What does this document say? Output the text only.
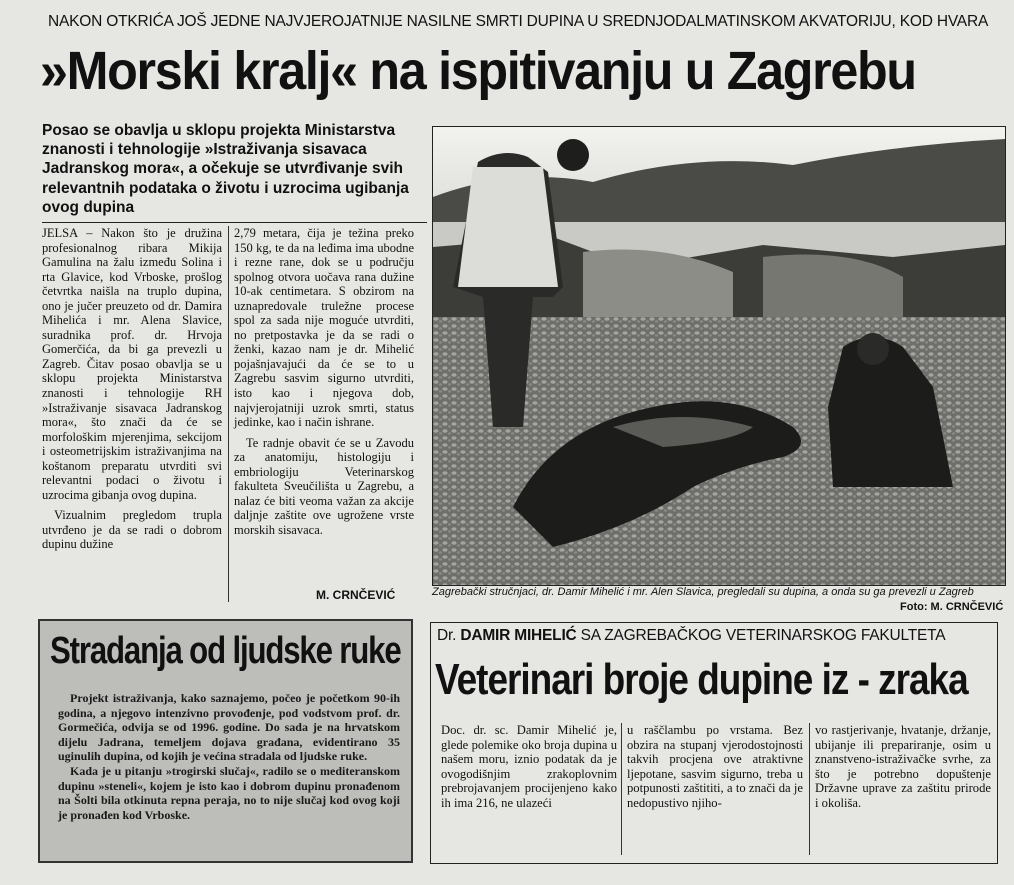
NAKON OTKRIĆA JOŠ JEDNE NAJVJEROJATNIJE NASILNE SMRTI DUPINA U SREDNJODALMATINSKOM AKVATORIJU, KOD HVARA
»Morski kralj« na ispitivanju u Zagrebu
Posao se obavlja u sklopu projekta Ministarstva znanosti i tehnologije »Istraživanja sisavaca Jadranskog mora«, a očekuje se utvrđivanje svih relevantnih podataka o životu i uzrocima ugibanja ovog dupina

JELSA – Nakon što je družina profesionalnog ribara Mikija Gamulina na žalu između Solina i rta Glavice, kod Vrboske, prošlog četvrtka naišla na truplo dupina, ono je jučer preuzeto od dr. Damira Mihelića i mr. Alena Slavice, suradnika prof. dr. Hrvoja Gomerčića, da bi ga prevezli u Zagreb. Čitav posao obavlja se u sklopu projekta Ministarstva znanosti i tehnologije RH »Istraživanje sisavaca Jadranskog mora«, što znači da će se morfološkim mjerenjima, sekcijom i osteometrijskim istraživanjima na koštanom preparatu utvrditi svi relevantni podaci o životu i uzrocima gibanja ovog dupina.

Vizualnim pregledom trupla utvrđeno je da se radi o dobrom dupinu dužine

2,79 metara, čija je težina preko 150 kg, te da na leđima ima ubodne i rezne rane, dok se u području spolnog otvora uočava rana dužine 10-ak centimetara. S obzirom na uznapredovale truležne procese spol za sada nije moguće utvrditi, no pretpostavka je da se radi o ženki, kazao nam je dr. Mihelić pojašnjavajući da će se to u Zagrebu sasvim sigurno utvrditi, isto kao i njegova dob, najvjerojatniji uzrok smrti, status jedinke, kao i način ishrane.

Te radnje obavit će se u Zavodu za anatomiju, histologiju i embriologiju Veterinarskog fakulteta Sveučilišta u Zagrebu, a nalaz će biti veoma važan za akcije daljnje zaštite ove ugrožene vrste morskih sisavaca.

M. CRNČEVIĆ	Zagrebački stručnjaci, dr. Damir Mihelić i mr. Alen Slavica, pregledali su dupina, a onda su ga prevezli u Zagreb
Foto: M. CRNČEVIĆ
Stradanja od ljudske ruke

Projekt istraživanja, kako saznajemo, počeo je početkom 90-ih godina, a njegovo intenzivno provođenje, pod vodstvom prof. dr. Gormečića, odvija se od 1996. godine. Do sada je na hrvatskom dijelu Jadrana, temeljem dojava građana, evidentirano 35 uginulih dupina, od kojih je većina stradala od ljudske ruke.

Kada je u pitanju »trogirski slučaj«, radilo se o mediteranskom dupinu »steneli«, kojem je isto kao i dobrom dupinu pronađenom na Šolti bila otkinuta repna peraja, no to nije slučaj kod ovog koji je pronađen kod Vrboske.

Dr. DAMIR MIHELIĆ SA ZAGREBAČKOG VETERINARSKOG FAKULTETA
Veterinari broje dupine iz - zraka
Doc. dr. sc. Damir Mihelić je, glede polemike oko broja dupina u našem moru, iznio podatak da je ovogodišnjim zrakoplovnim prebrojavanjem procijenjeno kako ih ima 216, ne ulazeći
u raščlambu po vrstama. Bez obzira na stupanj vjerodostojnosti takvih procjena ove atraktivne ljepotane, sasvim sigurno, treba u potpunosti zaštititi, a to znači da je nedopustivo njiho-
vo rastjerivanje, hvatanje, držanje, ubijanje ili prepariranje, osim u znanstveno-istraživačke svrhe, za što je potrebno dopuštenje Državne uprave za zaštitu prirode i okoliša.
